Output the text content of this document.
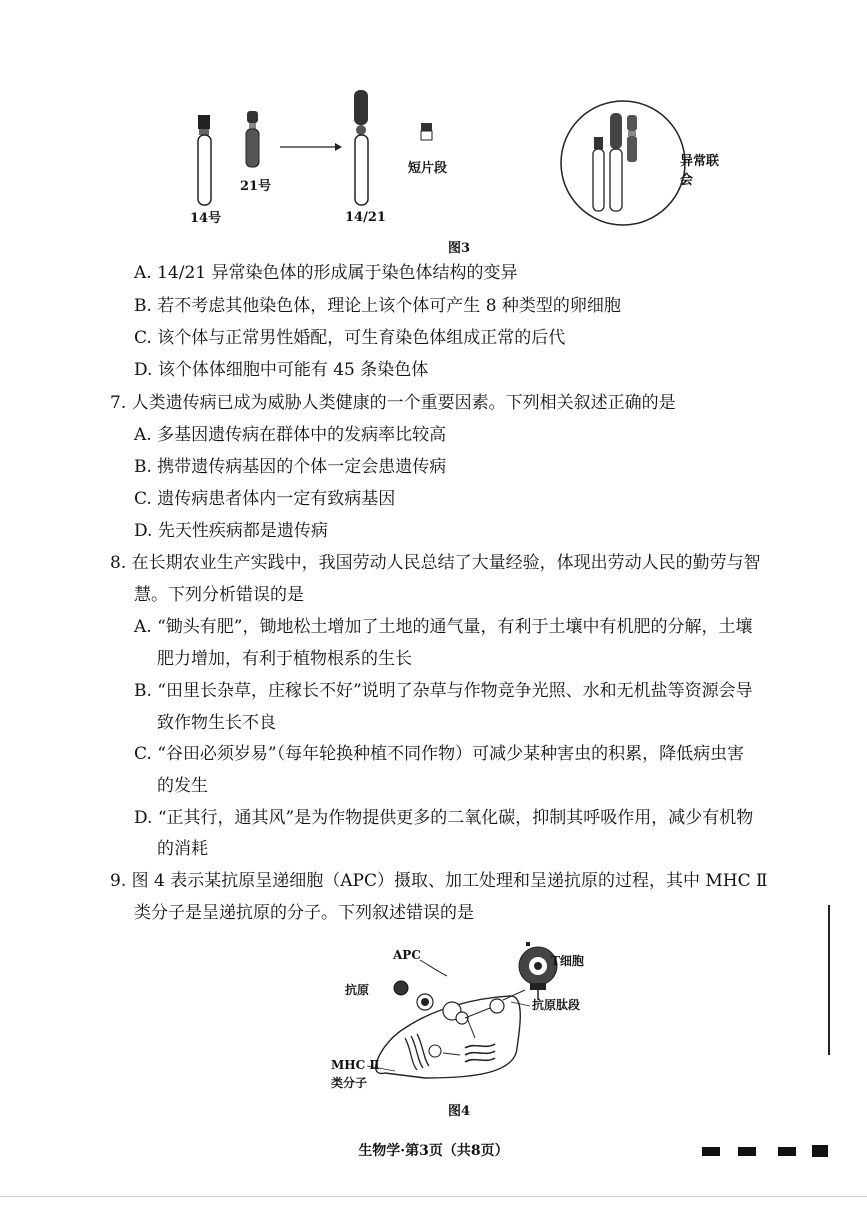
14号
21号
14/21
短片段	异常联会
图3
A. 14/21 异常染色体的形成属于染色体结构的变异
B. 若不考虑其他染色体，理论上该个体可产生 8 种类型的卵细胞
C. 该个体与正常男性婚配，可生育染色体组成正常的后代
D. 该个体体细胞中可能有 45 条染色体
7. 人类遗传病已成为威胁人类健康的一个重要因素。下列相关叙述正确的是
A. 多基因遗传病在群体中的发病率比较高
B. 携带遗传病基因的个体一定会患遗传病
C. 遗传病患者体内一定有致病基因
D. 先天性疾病都是遗传病
8. 在长期农业生产实践中，我国劳动人民总结了大量经验，体现出劳动人民的勤劳与智
慧。下列分析错误的是
A. “锄头有肥”，锄地松土增加了土地的通气量，有利于土壤中有机肥的分解，土壤
肥力增加，有利于植物根系的生长
B. “田里长杂草，庄稼长不好”说明了杂草与作物竞争光照、水和无机盐等资源会导
致作物生长不良
C. “谷田必须岁易”（每年轮换种植不同作物）可减少某种害虫的积累，降低病虫害
的发生
D. “正其行，通其风”是为作物提供更多的二氧化碳，抑制其呼吸作用，减少有机物
的消耗
9. 图 4 表示某抗原呈递细胞（APC）摄取、加工处理和呈递抗原的过程，其中 MHC Ⅱ
类分子是呈递抗原的分子。下列叙述错误的是
APC	T细胞
抗原
抗原肽段
MHC Ⅱ
类分子
图4
生物学·第3页（共8页）
